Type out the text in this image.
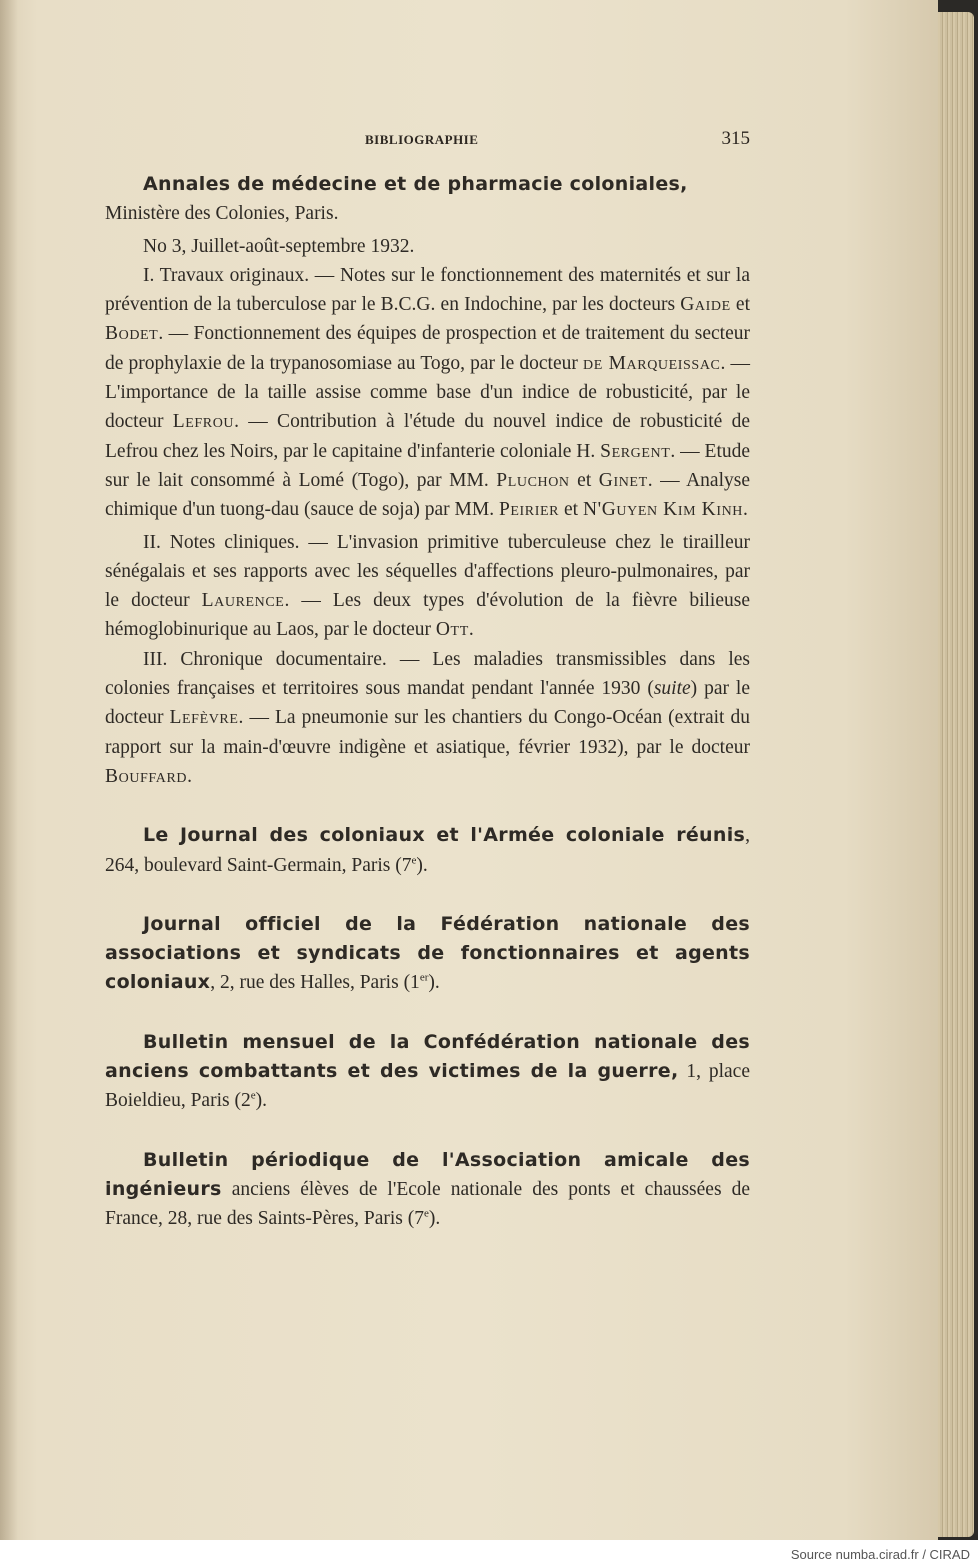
BIBLIOGRAPHIE	315

Annales de médecine et de pharmacie coloniales,
Ministère des Colonies, Paris.

No 3, Juillet-août-septembre 1932.

I. Travaux originaux. — Notes sur le fonctionnement des maternités et sur la prévention de la tuberculose par le B.C.G. en Indochine, par les docteurs Gaide et Bodet. — Fonctionnement des équipes de prospection et de traitement du secteur de prophylaxie de la trypanosomiase au Togo, par le docteur de Marqueissac. — L'importance de la taille assise comme base d'un indice de robusticité, par le docteur Lefrou. — Contribution à l'étude du nouvel indice de robusticité de Lefrou chez les Noirs, par le capitaine d'infanterie coloniale H. Sergent. — Etude sur le lait consommé à Lomé (Togo), par MM. Pluchon et Ginet. — Analyse chimique d'un tuong-dau (sauce de soja) par MM. Peirier et N'Guyen Kim Kinh.

II. Notes cliniques. — L'invasion primitive tuberculeuse chez le tirailleur sénégalais et ses rapports avec les séquelles d'affections pleuro-pulmonaires, par le docteur Laurence. — Les deux types d'évolution de la fièvre bilieuse hémoglobinurique au Laos, par le docteur Ott.

III. Chronique documentaire. — Les maladies transmissibles dans les colonies françaises et territoires sous mandat pendant l'année 1930 (suite) par le docteur Lefèvre. — La pneumonie sur les chantiers du Congo-Océan (extrait du rapport sur la main-d'œuvre indigène et asiatique, février 1932), par le docteur Bouffard.

Le Journal des coloniaux et l'Armée coloniale réunis, 264, boulevard Saint-Germain, Paris (7e).

Journal officiel de la Fédération nationale des associations et syndicats de fonctionnaires et agents coloniaux, 2, rue des Halles, Paris (1er).

Bulletin mensuel de la Confédération nationale des anciens combattants et des victimes de la guerre, 1, place Boieldieu, Paris (2e).

Bulletin périodique de l'Association amicale des ingénieurs anciens élèves de l'Ecole nationale des ponts et chaussées de France, 28, rue des Saints-Pères, Paris (7e).

Source numba.cirad.fr / CIRAD
